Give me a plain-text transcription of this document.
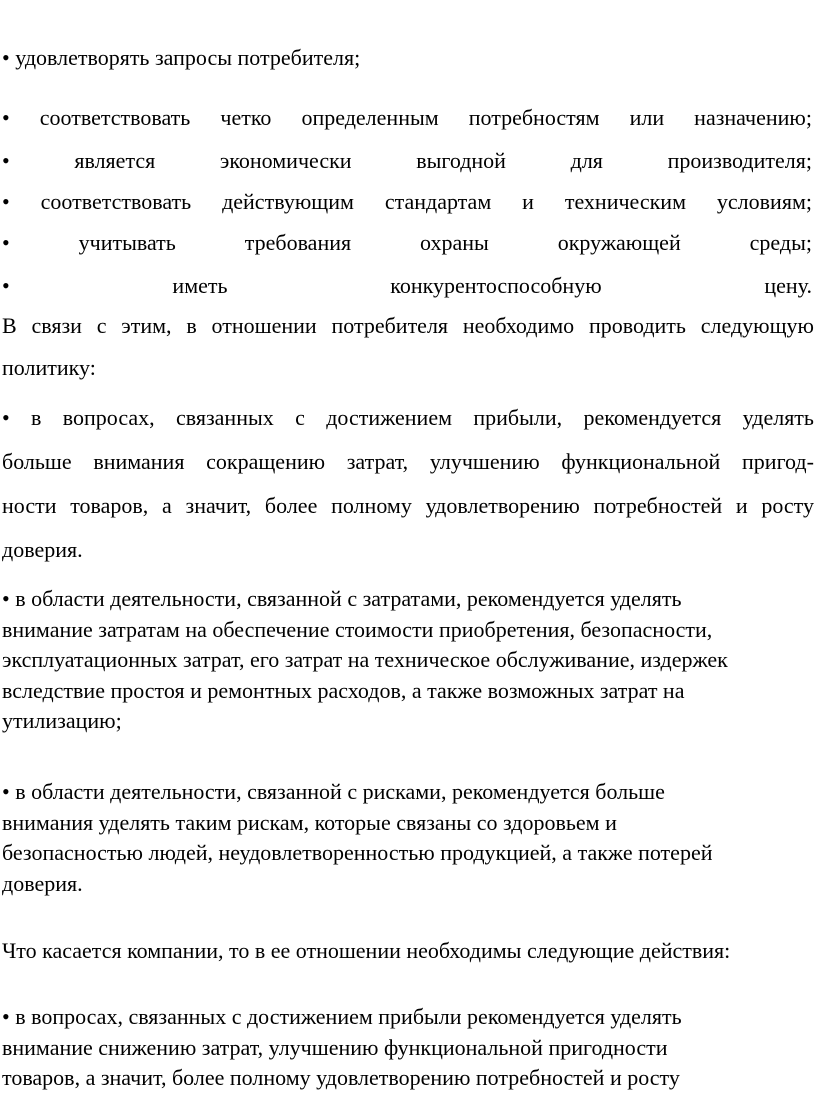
• удовлетворять запросы потребителя;
• соответствовать четко определенным потребностям или назначению;
•	является	экономически	выгодной	для	производителя;
• соответствовать действующим стандартам и техническим условиям;
•	учитывать	требования	охраны	окружающей	среды;
•	иметь	конкурентоспособную	цену.
В связи с этим, в отношении потребителя необходимо проводить следующую
политику:
• в вопросах, связанных с достижением прибыли, рекомендуется уделять
больше внимания сокращению затрат, улучшению функциональной пригод-
ности товаров, а значит, более полному удовлетворению потребностей и росту
доверия.
• в области деятельности, связанной с затратами, рекомендуется уделять
внимание затратам на обеспечение стоимости приобретения, безопасности,
эксплуатационных затрат, его затрат на техническое обслуживание, издержек
вследствие простоя и ремонтных расходов, а также возможных затрат на
утилизацию;
• в области деятельности, связанной с рисками, рекомендуется больше
внимания уделять таким рискам, которые связаны со здоровьем и
безопасностью людей, неудовлетворенностью продукцией, а также потерей
доверия.
Что касается компании, то в ее отношении необходимы следующие действия:
• в вопросах, связанных с достижением прибыли рекомендуется уделять
внимание снижению затрат, улучшению функциональной пригодности
товаров, а значит, более полному удовлетворению потребностей и росту
